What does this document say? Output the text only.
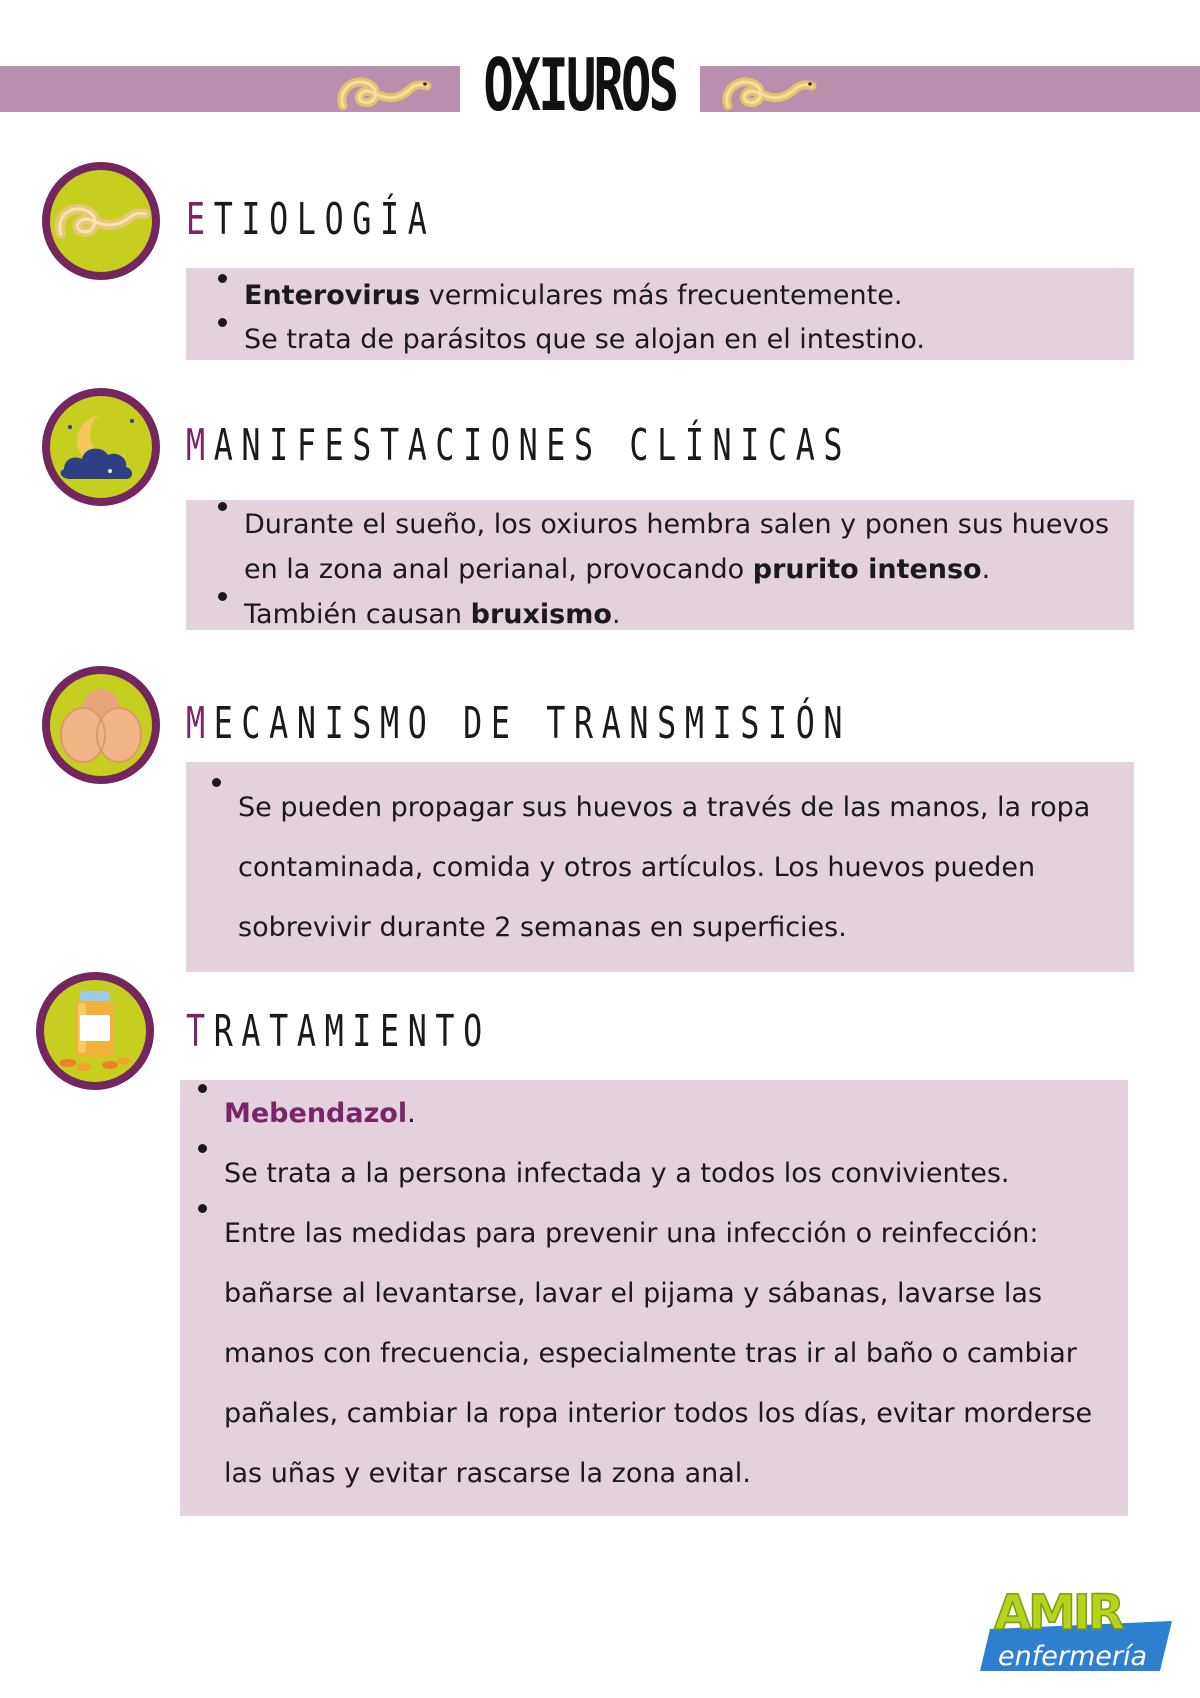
OXIUROS
ETIOLOGÍA
Enterovirus vermiculares más frecuentemente.
Se trata de parásitos que se alojan en el intestino.
MANIFESTACIONES CLÍNICAS
Durante el sueño, los oxiuros hembra salen y ponen sus huevos en la zona anal perianal, provocando prurito intenso.
También causan bruxismo.
MECANISMO DE TRANSMISIÓN
Se pueden propagar sus huevos a través de las manos, la ropa contaminada, comida y otros artículos. Los huevos pueden sobrevivir durante 2 semanas en superficies.
TRATAMIENTO
Mebendazol.
Se trata a la persona infectada y a todos los convivientes.
Entre las medidas para prevenir una infección o reinfección: bañarse al levantarse, lavar el pijama y sábanas, lavarse las manos con frecuencia, especialmente tras ir al baño o cambiar pañales, cambiar la ropa interior todos los días, evitar morderse las uñas y evitar rascarse la zona anal.
AMIR
enfermería
